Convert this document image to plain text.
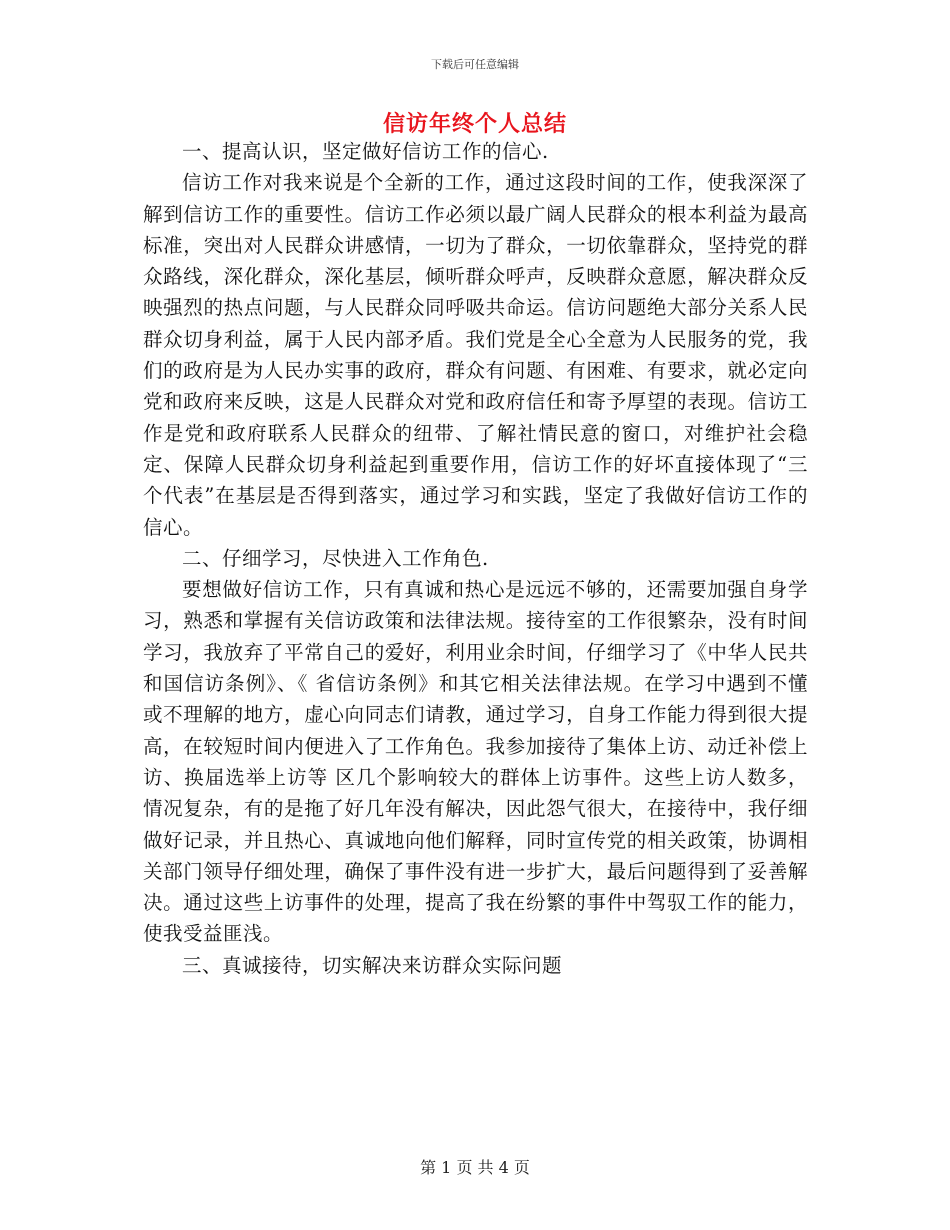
下载后可任意编辑
信访年终个人总结

一、提高认识，坚定做好信访工作的信心.

信访工作对我来说是个全新的工作，通过这段时间的工作，使我深深了解到信访工作的重要性。信访工作必须以最广阔人民群众的根本利益为最高标准，突出对人民群众讲感情，一切为了群众，一切依靠群众，坚持党的群众路线，深化群众，深化基层，倾听群众呼声，反映群众意愿，解决群众反映强烈的热点问题，与人民群众同呼吸共命运。信访问题绝大部分关系人民群众切身利益，属于人民内部矛盾。我们党是全心全意为人民服务的党，我们的政府是为人民办实事的政府，群众有问题、有困难、有要求，就必定向党和政府来反映，这是人民群众对党和政府信任和寄予厚望的表现。信访工作是党和政府联系人民群众的纽带、了解社情民意的窗口，对维护社会稳定、保障人民群众切身利益起到重要作用，信访工作的好坏直接体现了“三个代表”在基层是否得到落实，通过学习和实践，坚定了我做好信访工作的信心。

二、仔细学习，尽快进入工作角色.

要想做好信访工作，只有真诚和热心是远远不够的，还需要加强自身学习，熟悉和掌握有关信访政策和法律法规。接待室的工作很繁杂，没有时间学习，我放弃了平常自己的爱好，利用业余时间，仔细学习了《中华人民共和国信访条例》、《 省信访条例》和其它相关法律法规。在学习中遇到不懂或不理解的地方，虚心向同志们请教，通过学习，自身工作能力得到很大提高，在较短时间内便进入了工作角色。我参加接待了集体上访、动迁补偿上访、换届选举上访等 区几个影响较大的群体上访事件。这些上访人数多，情况复杂，有的是拖了好几年没有解决，因此怨气很大，在接待中，我仔细做好记录，并且热心、真诚地向他们解释，同时宣传党的相关政策，协调相关部门领导仔细处理，确保了事件没有进一步扩大，最后问题得到了妥善解决。通过这些上访事件的处理，提高了我在纷繁的事件中驾驭工作的能力，使我受益匪浅。

三、真诚接待，切实解决来访群众实际问题

第 1 页 共 4 页
